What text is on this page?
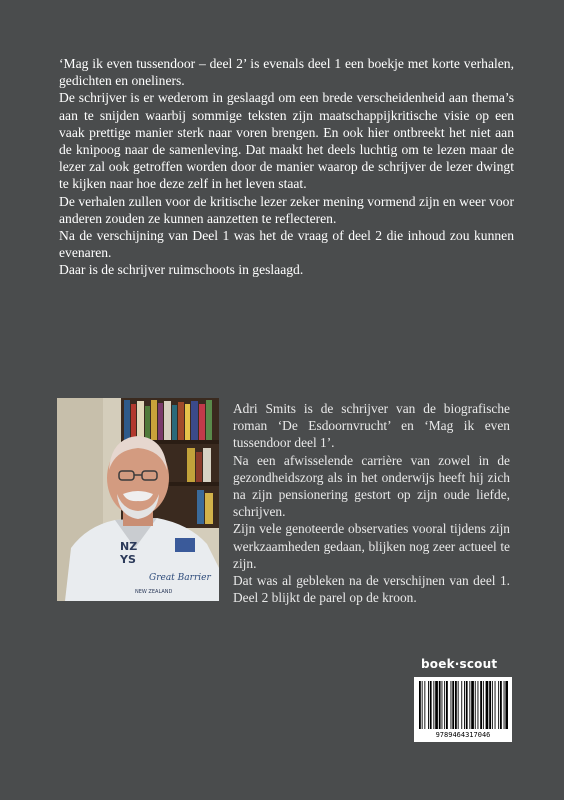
‘Mag ik even tussendoor – deel 2’ is evenals deel 1 een boekje met korte verhalen, gedichten en oneliners.

De schrijver is er wederom in geslaagd om een brede verscheidenheid aan thema’s aan te snijden waarbij sommige teksten zijn maatschappijkritische visie op een vaak prettige manier sterk naar voren brengen. En ook hier ontbreekt het niet aan de knipoog naar de samenleving. Dat maakt het deels luchtig om te lezen maar de lezer zal ook getroffen worden door de manier waarop de schrijver de lezer dwingt te kijken naar hoe deze zelf in het leven staat.

De verhalen zullen voor de kritische lezer zeker mening vormend zijn en weer voor anderen zouden ze kunnen aanzetten te reflecteren.

Na de verschijning van Deel 1 was het de vraag of deel 2 die inhoud zou kunnen evenaren.

Daar is de schrijver ruimschoots in geslaagd.

NZ
YS
Great Barrier
NEW ZEALAND

Adri Smits is de schrijver van de biografische roman ‘De Esdoornvrucht’ en ‘Mag ik even tussendoor deel 1’.

Na een afwisselende carrière van zowel in de gezondheidszorg als in het onderwijs heeft hij zich na zijn pensionering gestort op zijn oude liefde, schrijven.

Zijn vele genoteerde observaties vooral tijdens zijn werkzaamheden gedaan, blijken nog zeer actueel te zijn.

Dat was al gebleken na de verschijnen van deel 1. Deel 2 blijkt de parel op de kroon.

boek·scout
9789464317046
